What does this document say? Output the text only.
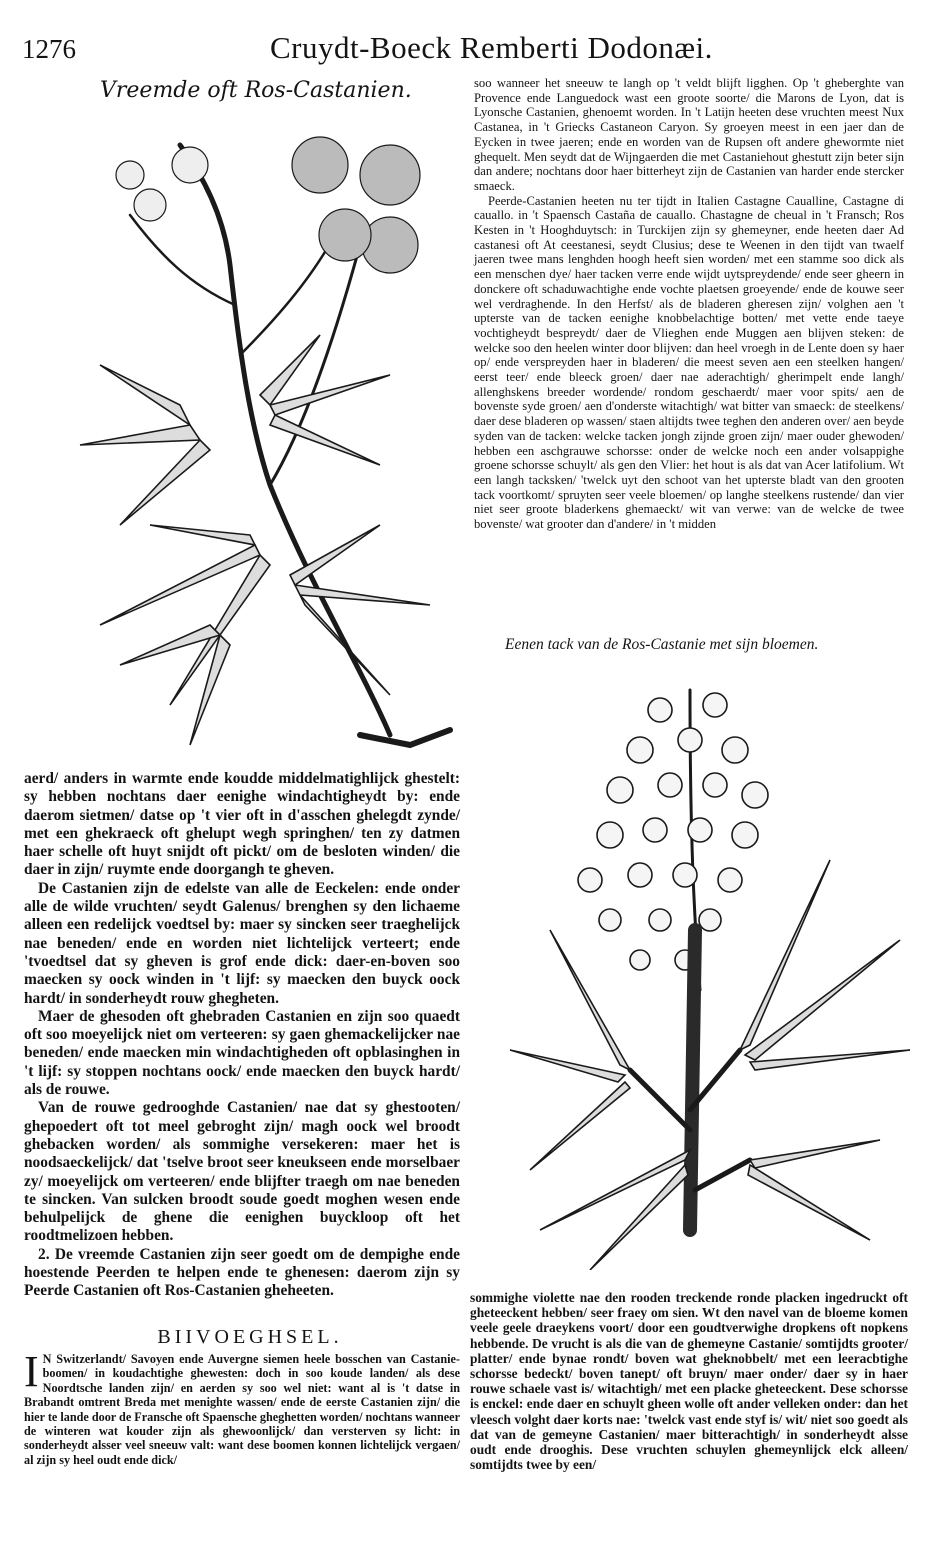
1276	Cruydt-Boeck Remberti Dodonæi.
Vreemde oft Ros-Castanien.	soo wanneer het sneeuw te langh op 't veldt blijft ligghen. Op 't gheberghte van Provence ende Languedock wast een groote soorte/ die Marons de Lyon, dat is Lyonsche Castanien, ghenoemt worden. In 't Latijn heeten dese vruchten meest Nux Castanea, in 't Griecks Castaneon Caryon. Sy groeyen meest in een jaer dan de Eycken in twee jaeren; ende en worden van de Rupsen oft andere ghewormte niet ghequelt. Men seydt dat de Wijngaerden die met Castaniehout ghestutt zijn beter sijn dan andere; nochtans door haer bitterheyt zijn de Castanien van harder ende stercker smaeck.

Peerde-Castanien heeten nu ter tijdt in Italien Castagne Caualline, Castagne di cauallo. in 't Spaensch Castaña de cauallo. Chastagne de cheual in 't Fransch; Ros Kesten in 't Hooghduytsch: in Turckijen zijn sy ghemeyner, ende heeten daer Ad castanesi oft At ceestanesi, seydt Clusius; dese te Weenen in den tijdt van twaelf jaeren twee mans lenghden hoogh heeft sien worden/ met een stamme soo dick als een menschen dye/ haer tacken verre ende wijdt uytspreydende/ ende seer gheern in donckere oft schaduwachtighe ende vochte plaetsen groeyende/ ende de kouwe seer wel verdraghende. In den Herfst/ als de bladeren gheresen zijn/ volghen aen 't upterste van de tacken eenighe knobbelachtige botten/ met vette ende taeye vochtigheydt bespreydt/ daer de Vlieghen ende Muggen aen blijven steken: de welcke soo den heelen winter door blijven: dan heel vroegh in de Lente doen sy haer op/ ende verspreyden haer in bladeren/ die meest seven aen een steelken hangen/ eerst teer/ ende bleeck groen/ daer nae aderachtigh/ gherimpelt ende langh/ allenghskens breeder wordende/ rondom geschaerdt/ maer voor spits/ aen de bovenste syde groen/ aen d'onderste witachtigh/ wat bitter van smaeck: de steelkens/ daer dese bladeren op wassen/ staen altijdts twee teghen den anderen over/ aen beyde syden van de tacken: welcke tacken jongh zijnde groen zijn/ maer ouder ghewoden/ hebben een aschgrauwe schorsse: onder de welcke noch een ander volsappighe groene schorsse schuylt/ als gen den Vlier: het hout is als dat van Acer latifolium. Wt een langh tacksken/ 'twelck uyt den schoot van het upterste bladt van den grooten tack voortkomt/ spruyten seer veele bloemen/ op langhe steelkens rustende/ dan vier niet seer groote bladerkens ghemaeckt/ wit van verwe: van de welcke de twee bovenste/ wat grooter dan d'andere/ in 't midden

Eenen tack van de Ros-Castanie met sijn bloemen.

aerd/ anders in warmte ende koudde middelmatighlijck ghestelt: sy hebben nochtans daer eenighe windachtigheydt by: ende daerom sietmen/ datse op 't vier oft in d'asschen ghelegdt zynde/ met een ghekraeck oft ghelupt wegh springhen/ ten zy datmen haer schelle oft huyt snijdt oft pickt/ om de besloten winden/ die daer in zijn/ ruymte ende doorgangh te gheven.

De Castanien zijn de edelste van alle de Eeckelen: ende onder alle de wilde vruchten/ seydt Galenus/ brenghen sy den lichaeme alleen een redelijck voedtsel by: maer sy sincken seer traeghelijck nae beneden/ ende en worden niet lichtelijck verteert; ende 'tvoedtsel dat sy gheven is grof ende dick: daer-en-boven soo maecken sy oock winden in 't lijf: sy maecken den buyck oock hardt/ in sonderheydt rouw ghegheten.

Maer de ghesoden oft ghebraden Castanien en zijn soo quaedt oft soo moeyelijck niet om verteeren: sy gaen ghemackelijcker nae beneden/ ende maecken min windachtigheden oft opblasinghen in 't lijf: sy stoppen nochtans oock/ ende maecken den buyck hardt/ als de rouwe.

Van de rouwe gedrooghde Castanien/ nae dat sy ghestooten/ ghepoedert oft tot meel gebroght zijn/ magh oock wel broodt ghebacken worden/ als sommighe versekeren: maer het is noodsaeckelijck/ dat 'tselve broot seer kneukseen ende morselbaer zy/ moeyelijck om verteeren/ ende blijfter traegh om nae beneden te sincken. Van sulcken broodt soude goedt moghen wesen ende behulpelijck de ghene die eenighen buyckloop oft het roodtmelizoen hebben.

2. De vreemde Castanien zijn seer goedt om de dempighe ende hoestende Peerden te helpen ende te ghenesen: daerom zijn sy Peerde Castanien oft Ros-Castanien gheheeten.

BIIVOEGHSEL.
I N Switzerlandt/ Savoyen ende Auvergne siemen heele bosschen van Castanie-boomen/ in koudachtighe ghewesten: doch in soo koude landen/ als dese Noordtsche landen zijn/ en aerden sy soo wel niet: want al is 't datse in Brabandt omtrent Breda met menighte wassen/ ende de eerste Castanien zijn/ die hier te lande door de Fransche oft Spaensche gheghetten worden/ nochtans wanneer de winteren wat kouder zijn als ghewoonlijck/ dan versterven sy licht: in sonderheydt alsser veel sneeuw valt: want dese boomen konnen lichtelijck vergaen/ al zijn sy heel oudt ende dick/

sommighe violette nae den rooden treckende ronde placken ingedruckt oft gheteeckent hebben/ seer fraey om sien. Wt den navel van de bloeme komen veele geele draeykens voort/ door een goudtverwighe dropkens oft nopkens hebbende. De vrucht is als die van de ghemeyne Castanie/ somtijdts grooter/ platter/ ende bynae rondt/ boven wat gheknobbelt/ met een leeracbtighe schorsse bedeckt/ boven tanept/ oft bruyn/ maer onder/ daer sy in haer rouwe schaele vast is/ witachtigh/ met een placke gheteeckent. Dese schorsse is enckel: ende daer en schuylt gheen wolle oft ander velleken onder: dan het vleesch volght daer korts nae: 'twelck vast ende styf is/ wit/ niet soo goedt als dat van de gemeyne Castanien/ maer bitterachtigh/ in sonderheydt alsse oudt ende drooghis. Dese vruchten schuylen ghemeynlijck elck alleen/ somtijdts twee by een/
